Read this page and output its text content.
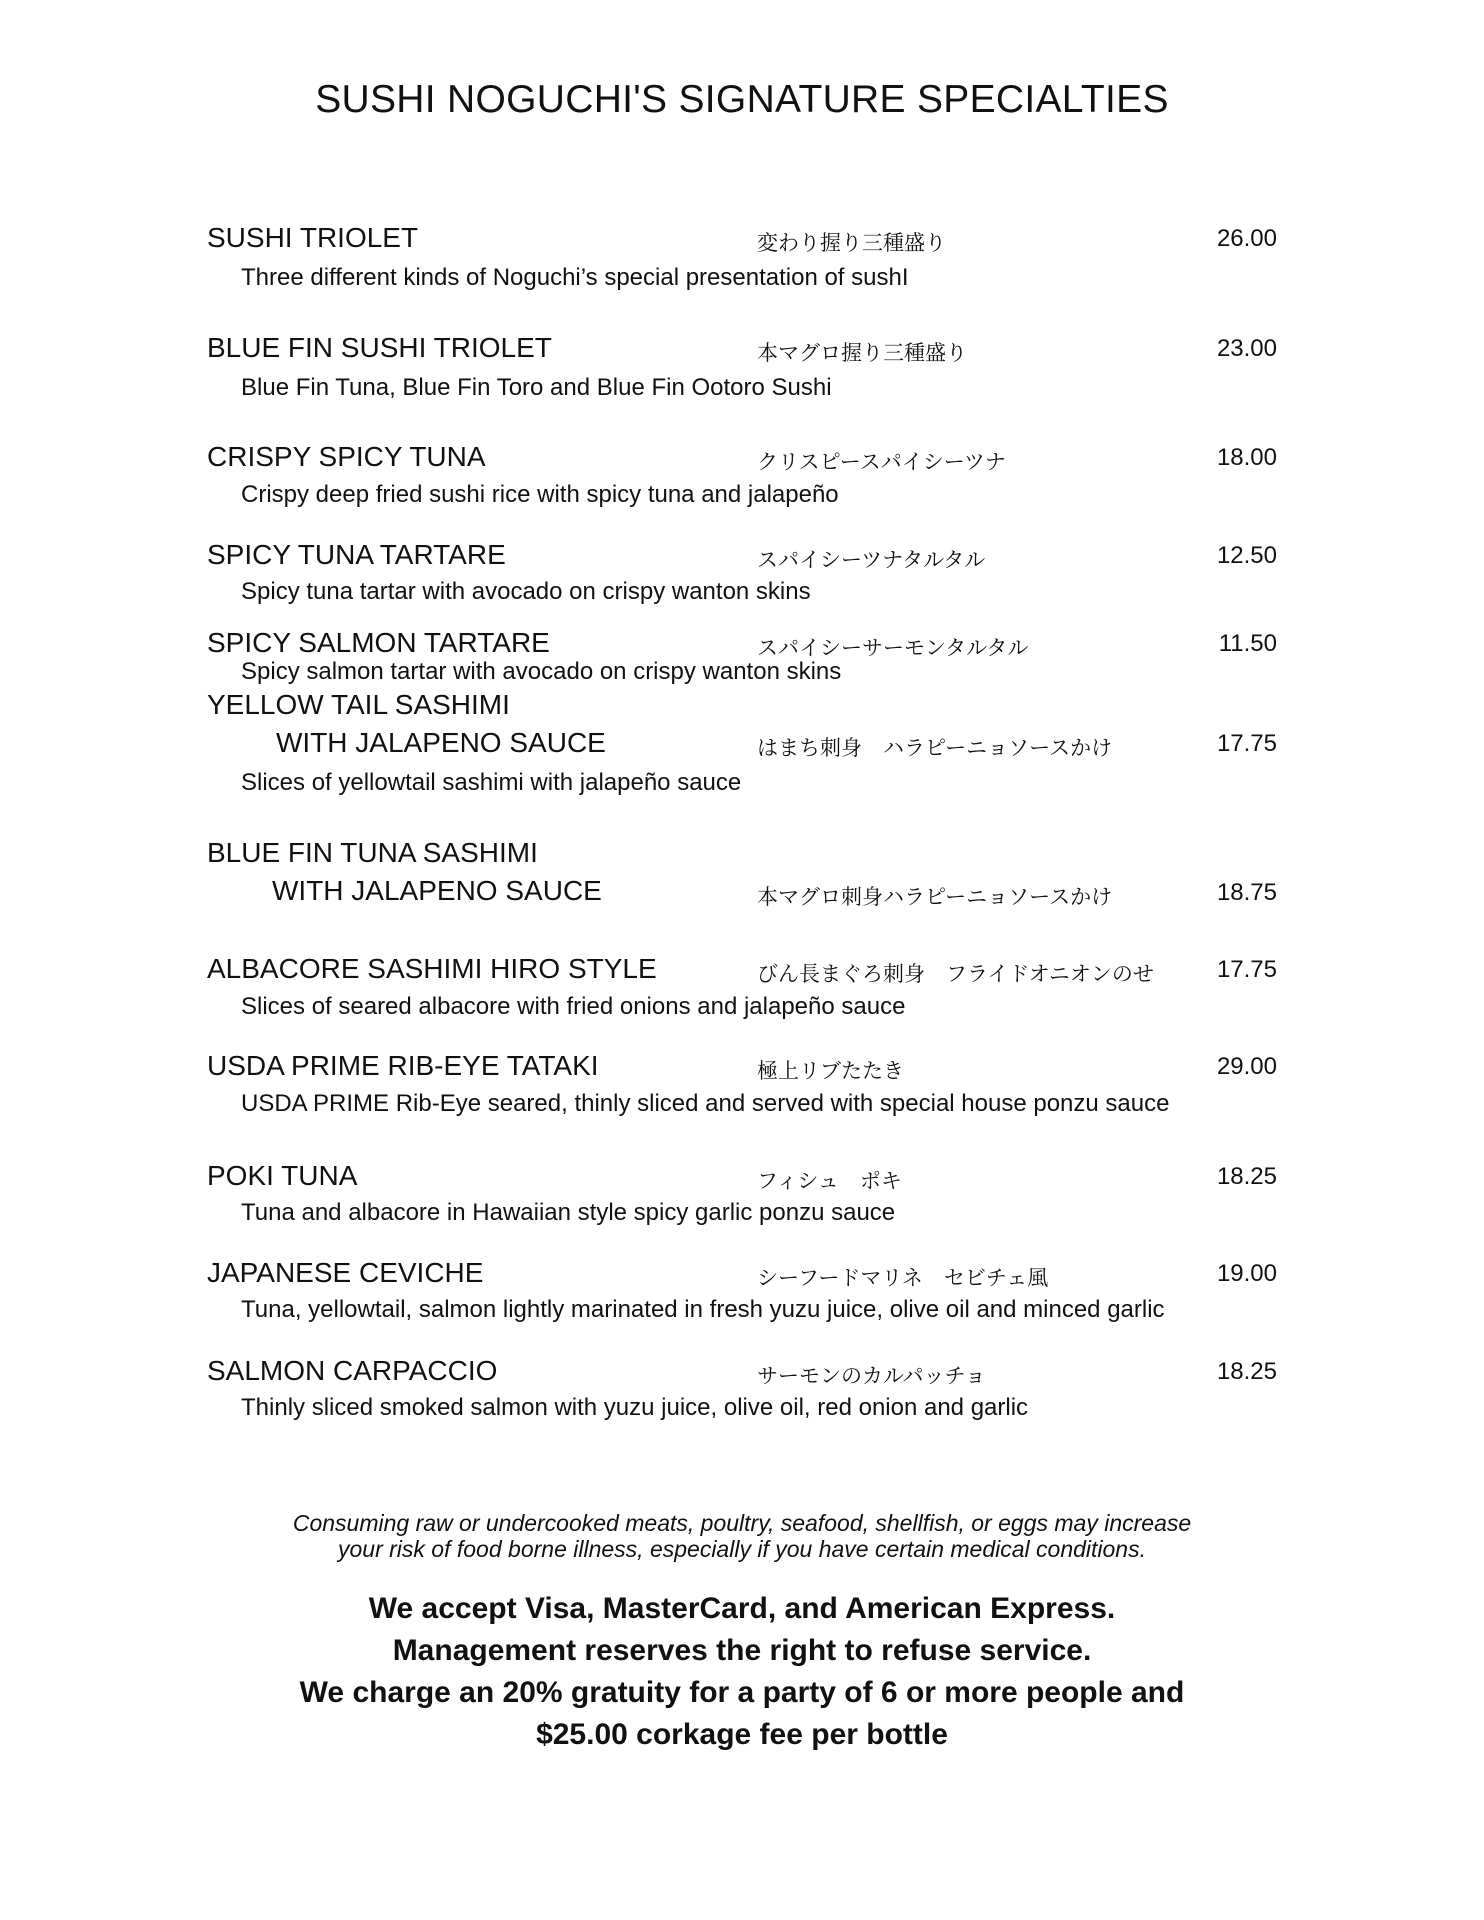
SUSHI NOGUCHI'S SIGNATURE SPECIALTIES
SUSHI TRIOLET	変わり握り三種盛り	26.00
Three different kinds of Noguchi’s special presentation of sushI
BLUE FIN SUSHI TRIOLET	本マグロ握り三種盛り	23.00
Blue Fin Tuna, Blue Fin Toro and Blue Fin Ootoro Sushi
CRISPY SPICY TUNA	クリスピースパイシーツナ	18.00
Crispy deep fried sushi rice with spicy tuna and jalapeño
SPICY TUNA TARTARE	スパイシーツナタルタル	12.50
Spicy tuna tartar with avocado on crispy wanton skins
SPICY SALMON TARTARE	スパイシーサーモンタルタル	11.50
Spicy salmon tartar with avocado on crispy wanton skins
YELLOW TAIL SASHIMI
WITH JALAPENO SAUCE	はまち刺身　ハラピーニョソースかけ	17.75
Slices of yellowtail sashimi with jalapeño sauce
BLUE FIN TUNA SASHIMI
WITH JALAPENO SAUCE	本マグロ刺身ハラピーニョソースかけ	18.75
ALBACORE SASHIMI HIRO STYLE	びん長まぐろ刺身　フライドオニオンのせ	17.75
Slices of seared albacore with fried onions and jalapeño sauce
USDA PRIME RIB-EYE TATAKI	極上リブたたき	29.00
USDA PRIME Rib-Eye seared, thinly sliced and served with special house ponzu sauce
POKI TUNA	フィシュ　ポキ	18.25
Tuna and albacore in Hawaiian style spicy garlic ponzu sauce
JAPANESE CEVICHE	シーフードマリネ　セビチェ風	19.00
Tuna, yellowtail, salmon lightly marinated in fresh yuzu juice, olive oil and minced garlic
SALMON CARPACCIO	サーモンのカルパッチョ	18.25
Thinly sliced smoked salmon with yuzu juice, olive oil, red onion and garlic
Consuming raw or undercooked meats, poultry, seafood, shellfish, or eggs may increase
your risk of food borne illness, especially if you have certain medical conditions.
We accept Visa, MasterCard, and American Express.
Management reserves the right to refuse service.
We charge an 20% gratuity for a party of 6 or more people and
$25.00 corkage fee per bottle
